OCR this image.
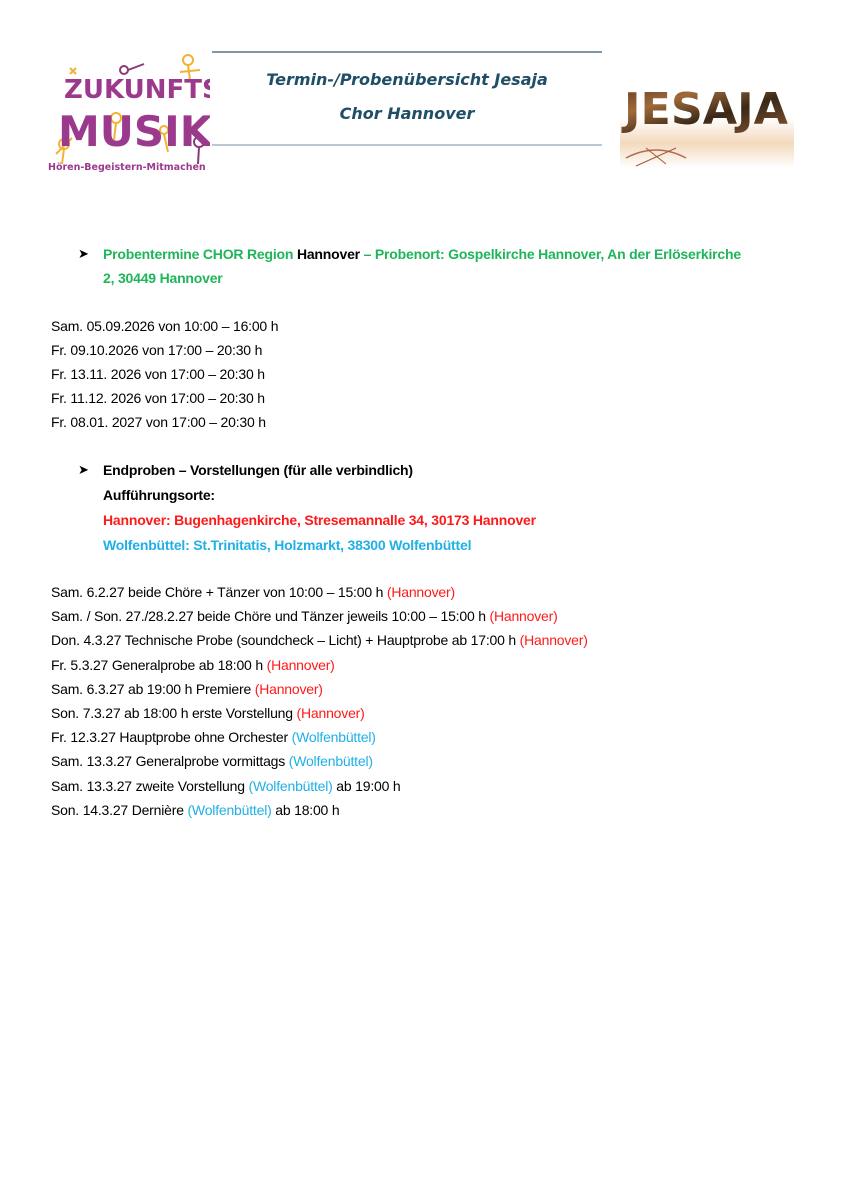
ZUKUNFTS
MUSIK
Hören-Begeistern-Mitmachen
Termin-/Probenübersicht Jesaja
Chor Hannover	JESAJA
➤ Probentermine CHOR Region Hannover – Probenort: Gospelkirche Hannover, An der Erlöserkirche
2, 30449 Hannover
Sam. 05.09.2026 von 10:00 – 16:00 h
Fr. 09.10.2026 von 17:00 – 20:30 h
Fr. 13.11. 2026 von 17:00 – 20:30 h
Fr. 11.12. 2026 von 17:00 – 20:30 h
Fr. 08.01. 2027 von 17:00 – 20:30 h
➤ Endproben – Vorstellungen (für alle verbindlich)
Aufführungsorte:
Hannover: Bugenhagenkirche, Stresemannalle 34, 30173 Hannover
Wolfenbüttel: St.Trinitatis, Holzmarkt, 38300 Wolfenbüttel
Sam. 6.2.27 beide Chöre + Tänzer von 10:00 – 15:00 h (Hannover)
Sam. / Son. 27./28.2.27 beide Chöre und Tänzer jeweils 10:00 – 15:00 h (Hannover)
Don. 4.3.27 Technische Probe (soundcheck – Licht) + Hauptprobe ab 17:00 h (Hannover)
Fr. 5.3.27 Generalprobe ab 18:00 h (Hannover)
Sam. 6.3.27 ab 19:00 h Premiere (Hannover)
Son. 7.3.27 ab 18:00 h erste Vorstellung (Hannover)
Fr. 12.3.27 Hauptprobe ohne Orchester (Wolfenbüttel)
Sam. 13.3.27 Generalprobe vormittags (Wolfenbüttel)
Sam. 13.3.27 zweite Vorstellung (Wolfenbüttel) ab 19:00 h
Son. 14.3.27 Dernière (Wolfenbüttel) ab 18:00 h
